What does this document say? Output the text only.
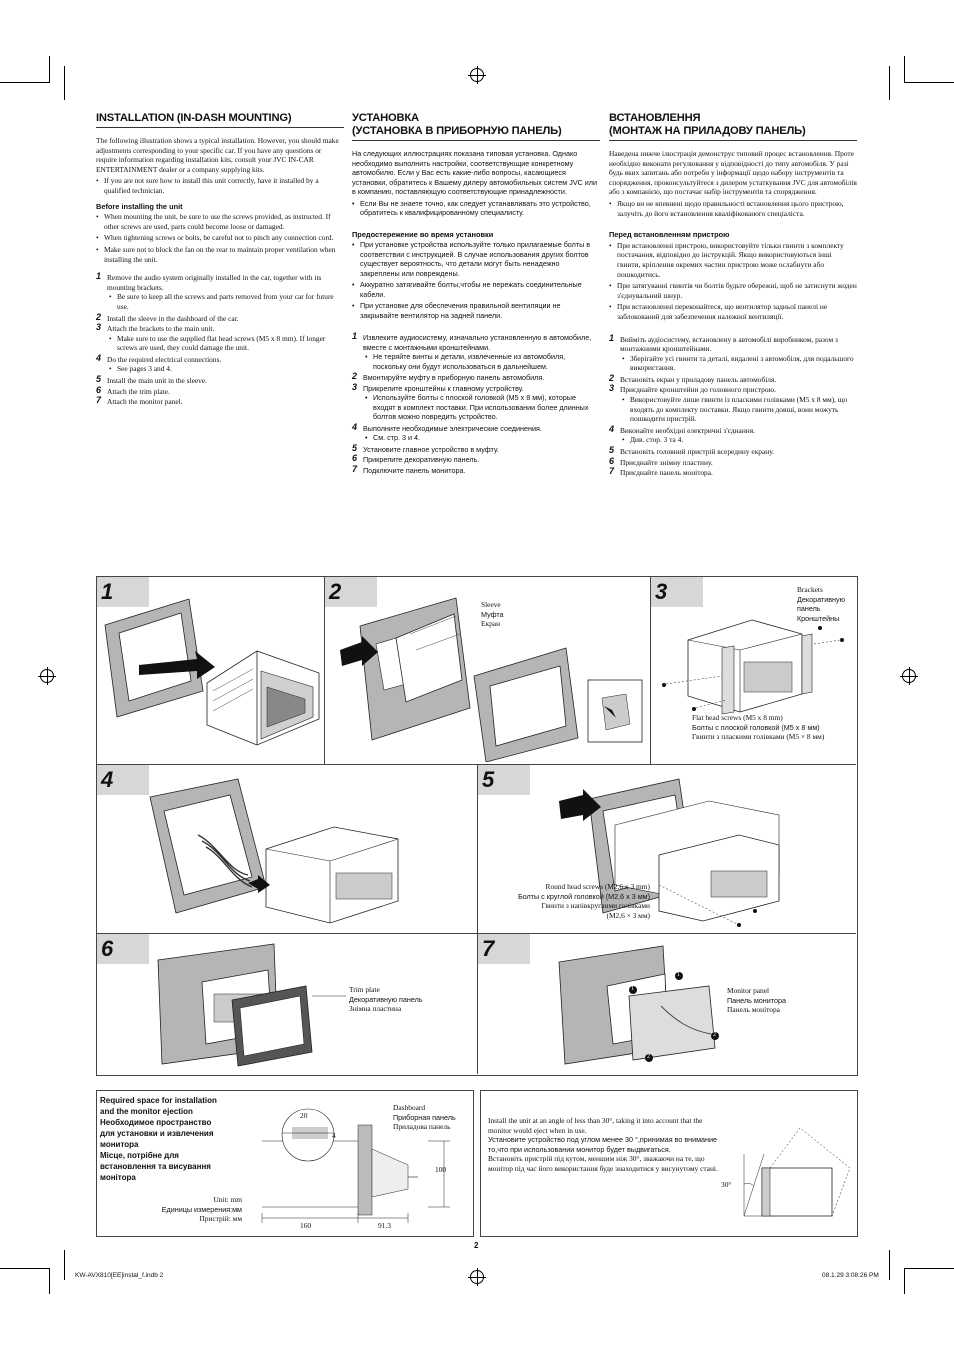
INSTALLATION (IN-DASH MOUNTING)

The following illustration shows a typical installation. However, you should make adjustments corresponding to your specific car. If you have any questions or require information regarding installation kits, consult your JVC IN-CAR ENTERTAINMENT dealer or a company supplying kits.

• If you are not sure how to install this unit correctly, have it installed by a qualified technician.

Before installing the unit

• When mounting the unit, be sure to use the screws provided, as instructed. If other screws are used, parts could become loose or damaged.

• When tightening screws or bolts, be careful not to pinch any connection cord.

• Make sure not to block the fan on the rear to maintain proper ventilation when installing the unit.

1 Remove the audio system originally installed in the car, together with its mounting brackets.

• Be sure to keep all the screws and parts removed from your car for future use.

2 Install the sleeve in the dashboard of the car.
3 Attach the brackets to the main unit.

• Make sure to use the supplied flat head screws (M5 x 8 mm). If longer screws are used, they could damage the unit.

4 Do the required electrical connections.

• See pages 3 and 4.

5 Install the main unit in the sleeve.
6 Attach the trim plate.
7 Attach the monitor panel.
УСТАНОВКА
(УСТАНОВКА В ПРИБОРНУЮ ПАНЕЛЬ)

На следующих иллюстрациях показана типовая установка. Однако необходимо выполнить настройки, соответствующие конкретному автомобилю. Если у Вас есть какие-либо вопросы, касающиеся установки, обратитесь к Вашему дилеру автомобильных систем JVC или в компанию, поставляющую соответствующие принадлежности.

• Если Вы не знаете точно, как следует устанавливать это устройство, обратитесь к квалифицированному специалисту.

Предостережение во время установки

• При установке устройства используйте только прилагаемые болты в соответствии с инструкцией. В случае использования других болтов существует вероятность, что детали могут быть ненадежно закреплены или повреждены.

• Аккуратно затягивайте болты,чтобы не пережать соединительные кабели.

• При установке для обеспечения правильной вентиляции не закрывайте вентилятор на задней панели.

1 Извлеките аудиосистему, изначально установленную в автомобиле, вместе с монтажными кронштейнами.

• Не теряйте винты и детали, извлеченные из автомобиля, поскольку они будут использоваться в дальнейшем.

2 Вмонтируйте муфту в приборную панель автомобиля.
3 Прикрепите кронштейны к главному устройству.

• Используйте болты с плоской головкой (M5 x 8 мм), которые входят в комплект поставки. При использовании более длинных болтов можно повредить устройство.

4 Выполните необходимые электрические соединения.

• См. стр. 3 и 4.

5 Установите главное устройство в муфту.
6 Прикрепите декоративную панель.
7 Подключите панель монитора.
ВСТАНОВЛЕННЯ
(МОНТАЖ НА ПРИЛАДОВУ ПАНЕЛЬ)

Наведена нижче ілюстрація демонструє типовий процес встановлення. Проте необхідно виконати регулювання у відповідності до типу автомобіля. У разі будь яких запитань або потреби у інформації щодо набору інструментів та спорядження, проконсультуйтеся з дилером устаткування JVC для автомобілів або з компанією, що постачає набір інструментів та спорядження.

• Якщо ви не впевнені щодо правильності встановлення цього пристрою, залучіть до його встановлення кваліфікованого спеціаліста.

Перед встановленням пристрою

• При встановленні пристрою, використовуйте тільки гвинти з комплекту постачання, відповідно до інструкцій. Якщо використовуються інші гвинти, кріплення окремих частин пристрою може ослабнути або пошкодитись.

• При затягуванні гвинтів чи болтів будьте обережні, щоб не затиснути жоден з'єднувальний шнур.

• При встановленні переконайтеся, що вентилятор задньої панелі не заблокований для забезпечення належної вентиляції.

1 Вийміть аудіосистему, встановлену в автомобілі виробником, разом з монтажними кронштейнами.

• Зберігайте усі гвинти та деталі, видалені з автомобіля, для подальшого використання.

2 Встановіть екран у приладову панель автомобіля.
3 Приєднайте кронштейни до головного пристрою.

• Використовуйте лише гвинти із плаcкими голівками (M5 x 8 мм), що входять до комплекту поставки. Якщо гвинти довші, вони можуть пошкодити пристрій.

4 Виконайте необхідні електричні з'єднання.

• Див. стор. 3 та 4.

5 Встановіть головний пристрій всередину екрану.
6 Приєднайте знімну пластину.
7 Приєднайте панель монітора.
1	2
Sleeve
Муфта
Екран
3	Brackets
Декоративную
панель
Кронштейны
Flat head screws (M5 x 8 mm)
Болты с плоской головкой (M5 x 8 мм)
Гвинти з плаcкими голівками (M5 × 8 мм)
4	5
Round head screws (M2.6 x 3 mm)
Болты с круглой головкой (M2,6 x 3 мм)
Гвинти з напівкруглими голівками
(M2,6 × 3 мм)
6
Trim plate
Декоративную панель
Знімна пластина
7
1
1
2
2
Monitor panel
Панель монитора
Панель монітора
Required space for installation
and the monitor ejection
Необходимое пространство
для установки и извлечения
монитора
Місце, потрібне для
встановлення та висування
монітора
Unit: mm
Единицы измерения:мм
Пристрій: мм
Dashboard
Приборная панель
Приладова панель
20
4
100
160	91.3

Install the unit at an angle of less than 30°, taking it into account that the monitor would eject when in use.

Установите устройство под углом менее 30 °,принимая во внимание то,что при использовании монитор будет выдвигаться.

Встановіть пристрій під кутом, меншим ніж 30°, зважаючи на те, що монітор під час його використання буде знаходитися у висунутому стані.

30°
2
KW-AVX810[EE]instal_f.indb 2	08.1.29 3:08:26 PM
